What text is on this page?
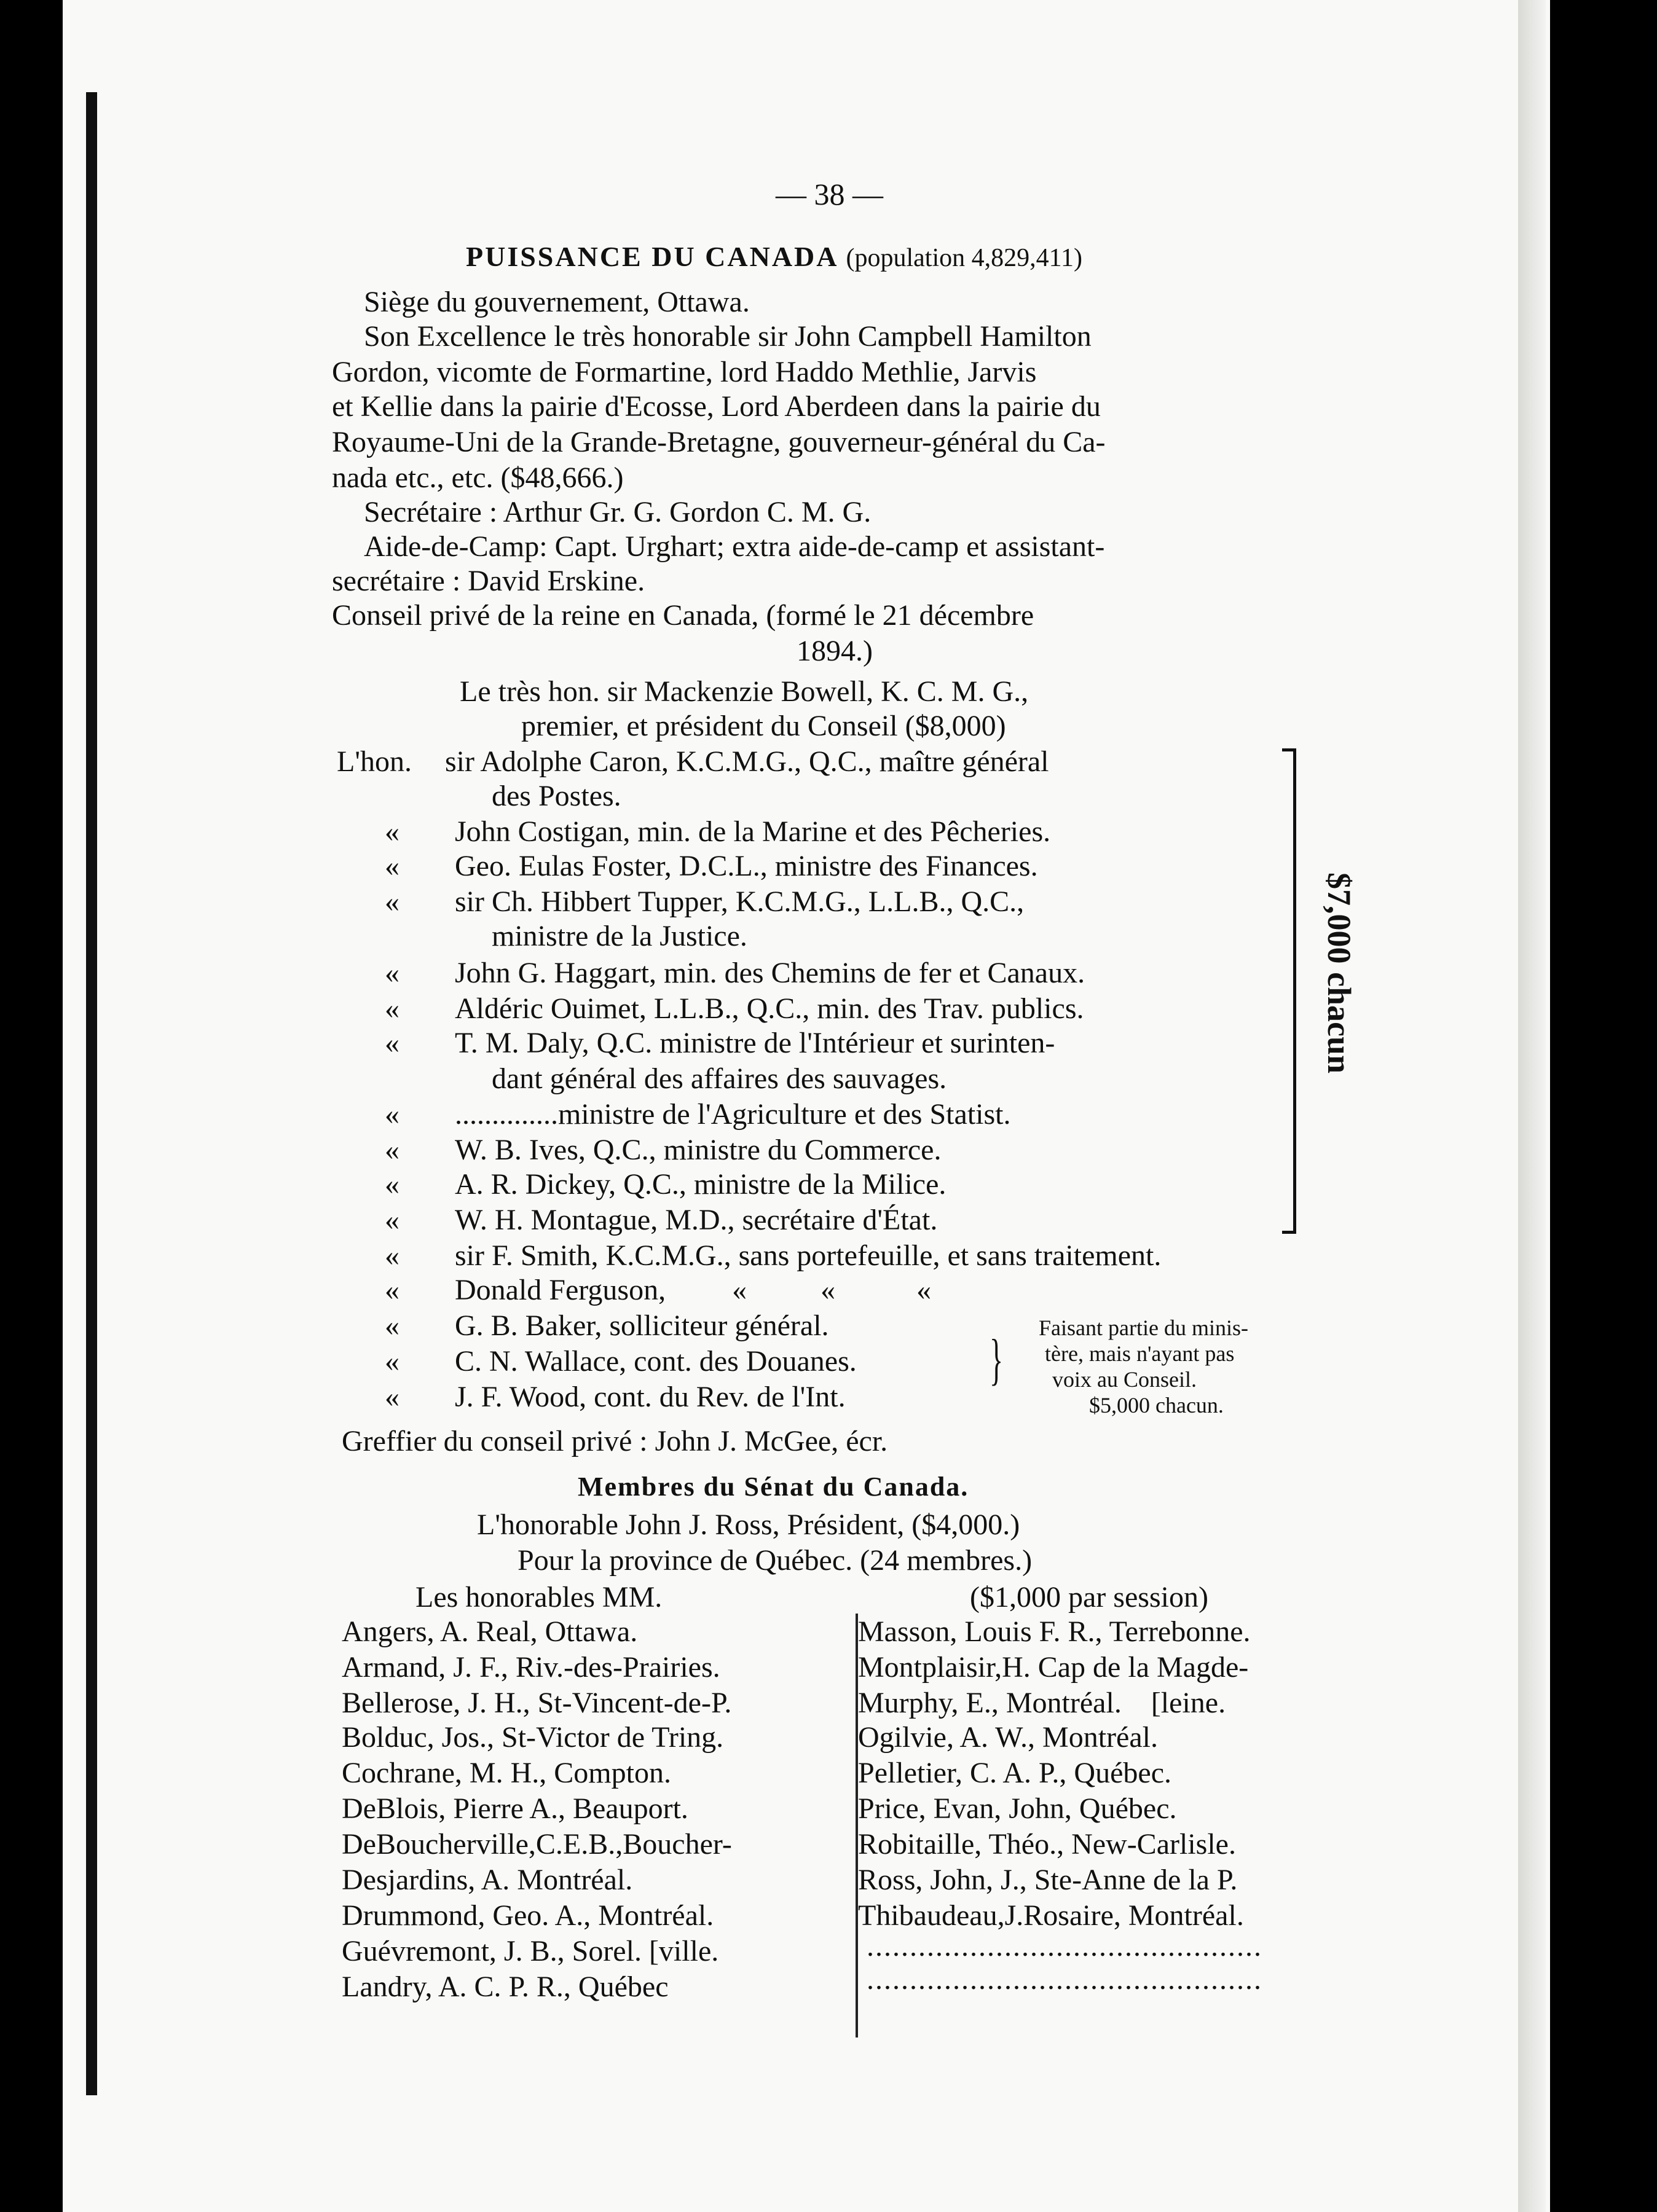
— 38 —
PUISSANCE DU CANADA (population 4,829,411)
Siège du gouvernement, Ottawa.
Son Excellence le très honorable sir John Campbell Hamilton
Gordon, vicomte de Formartine, lord Haddo Methlie, Jarvis
et Kellie dans la pairie d'Ecosse, Lord Aberdeen dans la pairie du
Royaume-Uni de la Grande-Bretagne, gouverneur-général du Ca-
nada etc., etc. ($48,666.)
Secrétaire : Arthur Gr. G. Gordon C. M. G.
Aide-de-Camp: Capt. Urghart; extra aide-de-camp et assistant-
secrétaire : David Erskine.
Conseil privé de la reine en Canada, (formé le 21 décembre
1894.)
Le très hon. sir Mackenzie Bowell, K. C. M. G.,
premier, et président du Conseil ($8,000)
L'hon. sir Adolphe Caron, K.C.M.G., Q.C., maître général
des Postes.
« John Costigan, min. de la Marine et des Pêcheries.
« Geo. Eulas Foster, D.C.L., ministre des Finances.
« sir Ch. Hibbert Tupper, K.C.M.G., L.L.B., Q.C.,
ministre de la Justice.
« John G. Haggart, min. des Chemins de fer et Canaux.
« Aldéric Ouimet, L.L.B., Q.C., min. des Trav. publics.
« T. M. Daly, Q.C. ministre de l'Intérieur et surinten-
dant général des affaires des sauvages.
« ..............ministre de l'Agriculture et des Statist.
« W. B. Ives, Q.C., ministre du Commerce.
« A. R. Dickey, Q.C., ministre de la Milice.
« W. H. Montague, M.D., secrétaire d'État.
$7,000 chacun
« sir F. Smith, K.C.M.G., sans portefeuille, et sans traitement.
« Donald Ferguson,         «          «           «
« G. B. Baker, solliciteur général.
« C. N. Wallace, cont. des Douanes.
« J. F. Wood, cont. du Rev. de l'Int.
} Faisant partie du minis-
tère, mais n'ayant pas
voix au Conseil.
$5,000 chacun.
Greffier du conseil privé : John J. McGee, écr.
Membres du Sénat du Canada.
L'honorable John J. Ross, Président, ($4,000.)
Pour la province de Québec. (24 membres.)
Les honorables MM.	($1,000 par session)
Angers, A. Real, Ottawa.
Armand, J. F., Riv.-des-Prairies.
Bellerose, J. H., St-Vincent-de-P.
Bolduc, Jos., St-Victor de Tring.
Cochrane, M. H., Compton.
DeBlois, Pierre A., Beauport.
DeBoucherville,C.E.B.,Boucher-
Desjardins, A. Montréal.
Drummond, Geo. A., Montréal.
Guévremont, J. B., Sorel. [ville.
Landry, A. C. P. R., Québec
Masson, Louis F. R., Terrebonne.
Montplaisir,H. Cap de la Magde-
Murphy, E., Montréal.    [leine.
Ogilvie, A. W., Montréal.
Pelletier, C. A. P., Québec.
Price, Evan, John, Québec.
Robitaille, Théo., New-Carlisle.
Ross, John, J., Ste-Anne de la P.
Thibaudeau,J.Rosaire, Montréal.
..............................................
..............................................
